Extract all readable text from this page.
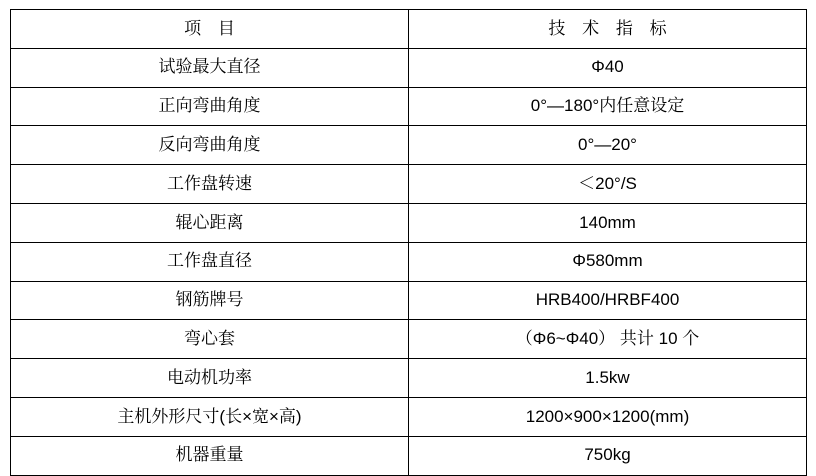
项 目	技 术 指 标
试验最大直径	Φ40
正向弯曲角度	0°—180°内任意设定
反向弯曲角度	0°—20°
工作盘转速	＜20°/S
辊心距离	140mm
工作盘直径	Φ580mm
钢筋牌号	HRB400/HRBF400
弯心套	（Φ6~Φ40） 共计 10 个
电动机功率	1.5kw
主机外形尺寸(长×宽×高)	1200×900×1200(mm)
机器重量	750kg
